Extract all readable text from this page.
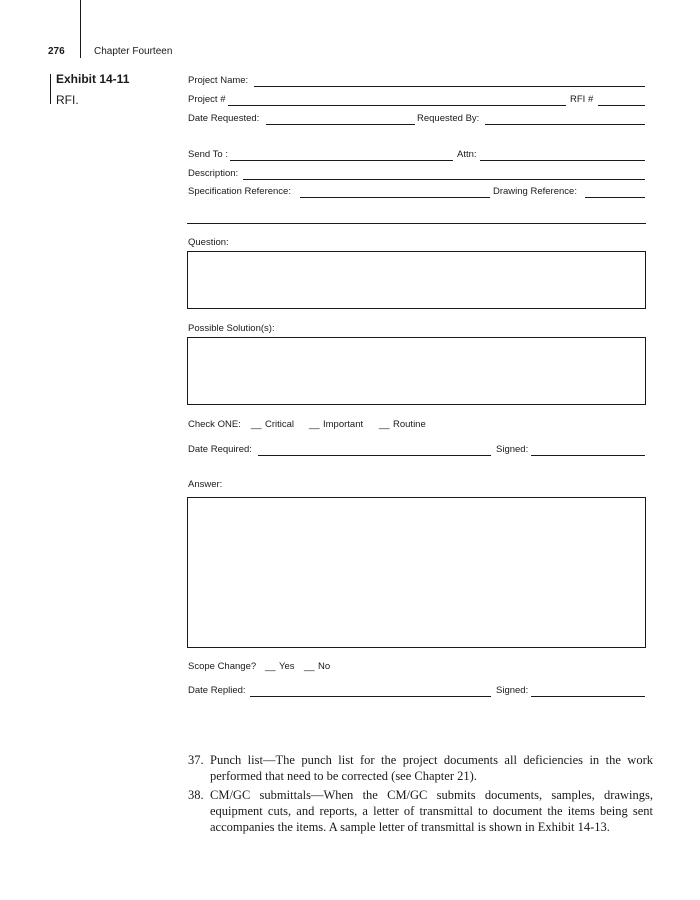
276	Chapter Fourteen
Exhibit 14-11
RFI.
Project Name:
Project #	RFI #
Date Requested:	Requested By:
Send To :	Attn:
Description:
Specification Reference:	Drawing Reference:
Question:
Possible Solution(s):
Check ONE: __ Critical __ Important __ Routine
Date Required:	Signed:
Answer:
Scope Change? __ Yes __ No
Date Replied:	Signed:
37. Punch list—The punch list for the project documents all deficiencies in the work performed that need to be corrected (see Chapter 21).
38. CM/GC submittals—When the CM/GC submits documents, samples, drawings, equipment cuts, and reports, a letter of transmittal to document the items being sent accompanies the items. A sample letter of transmittal is shown in Exhibit 14-13.
